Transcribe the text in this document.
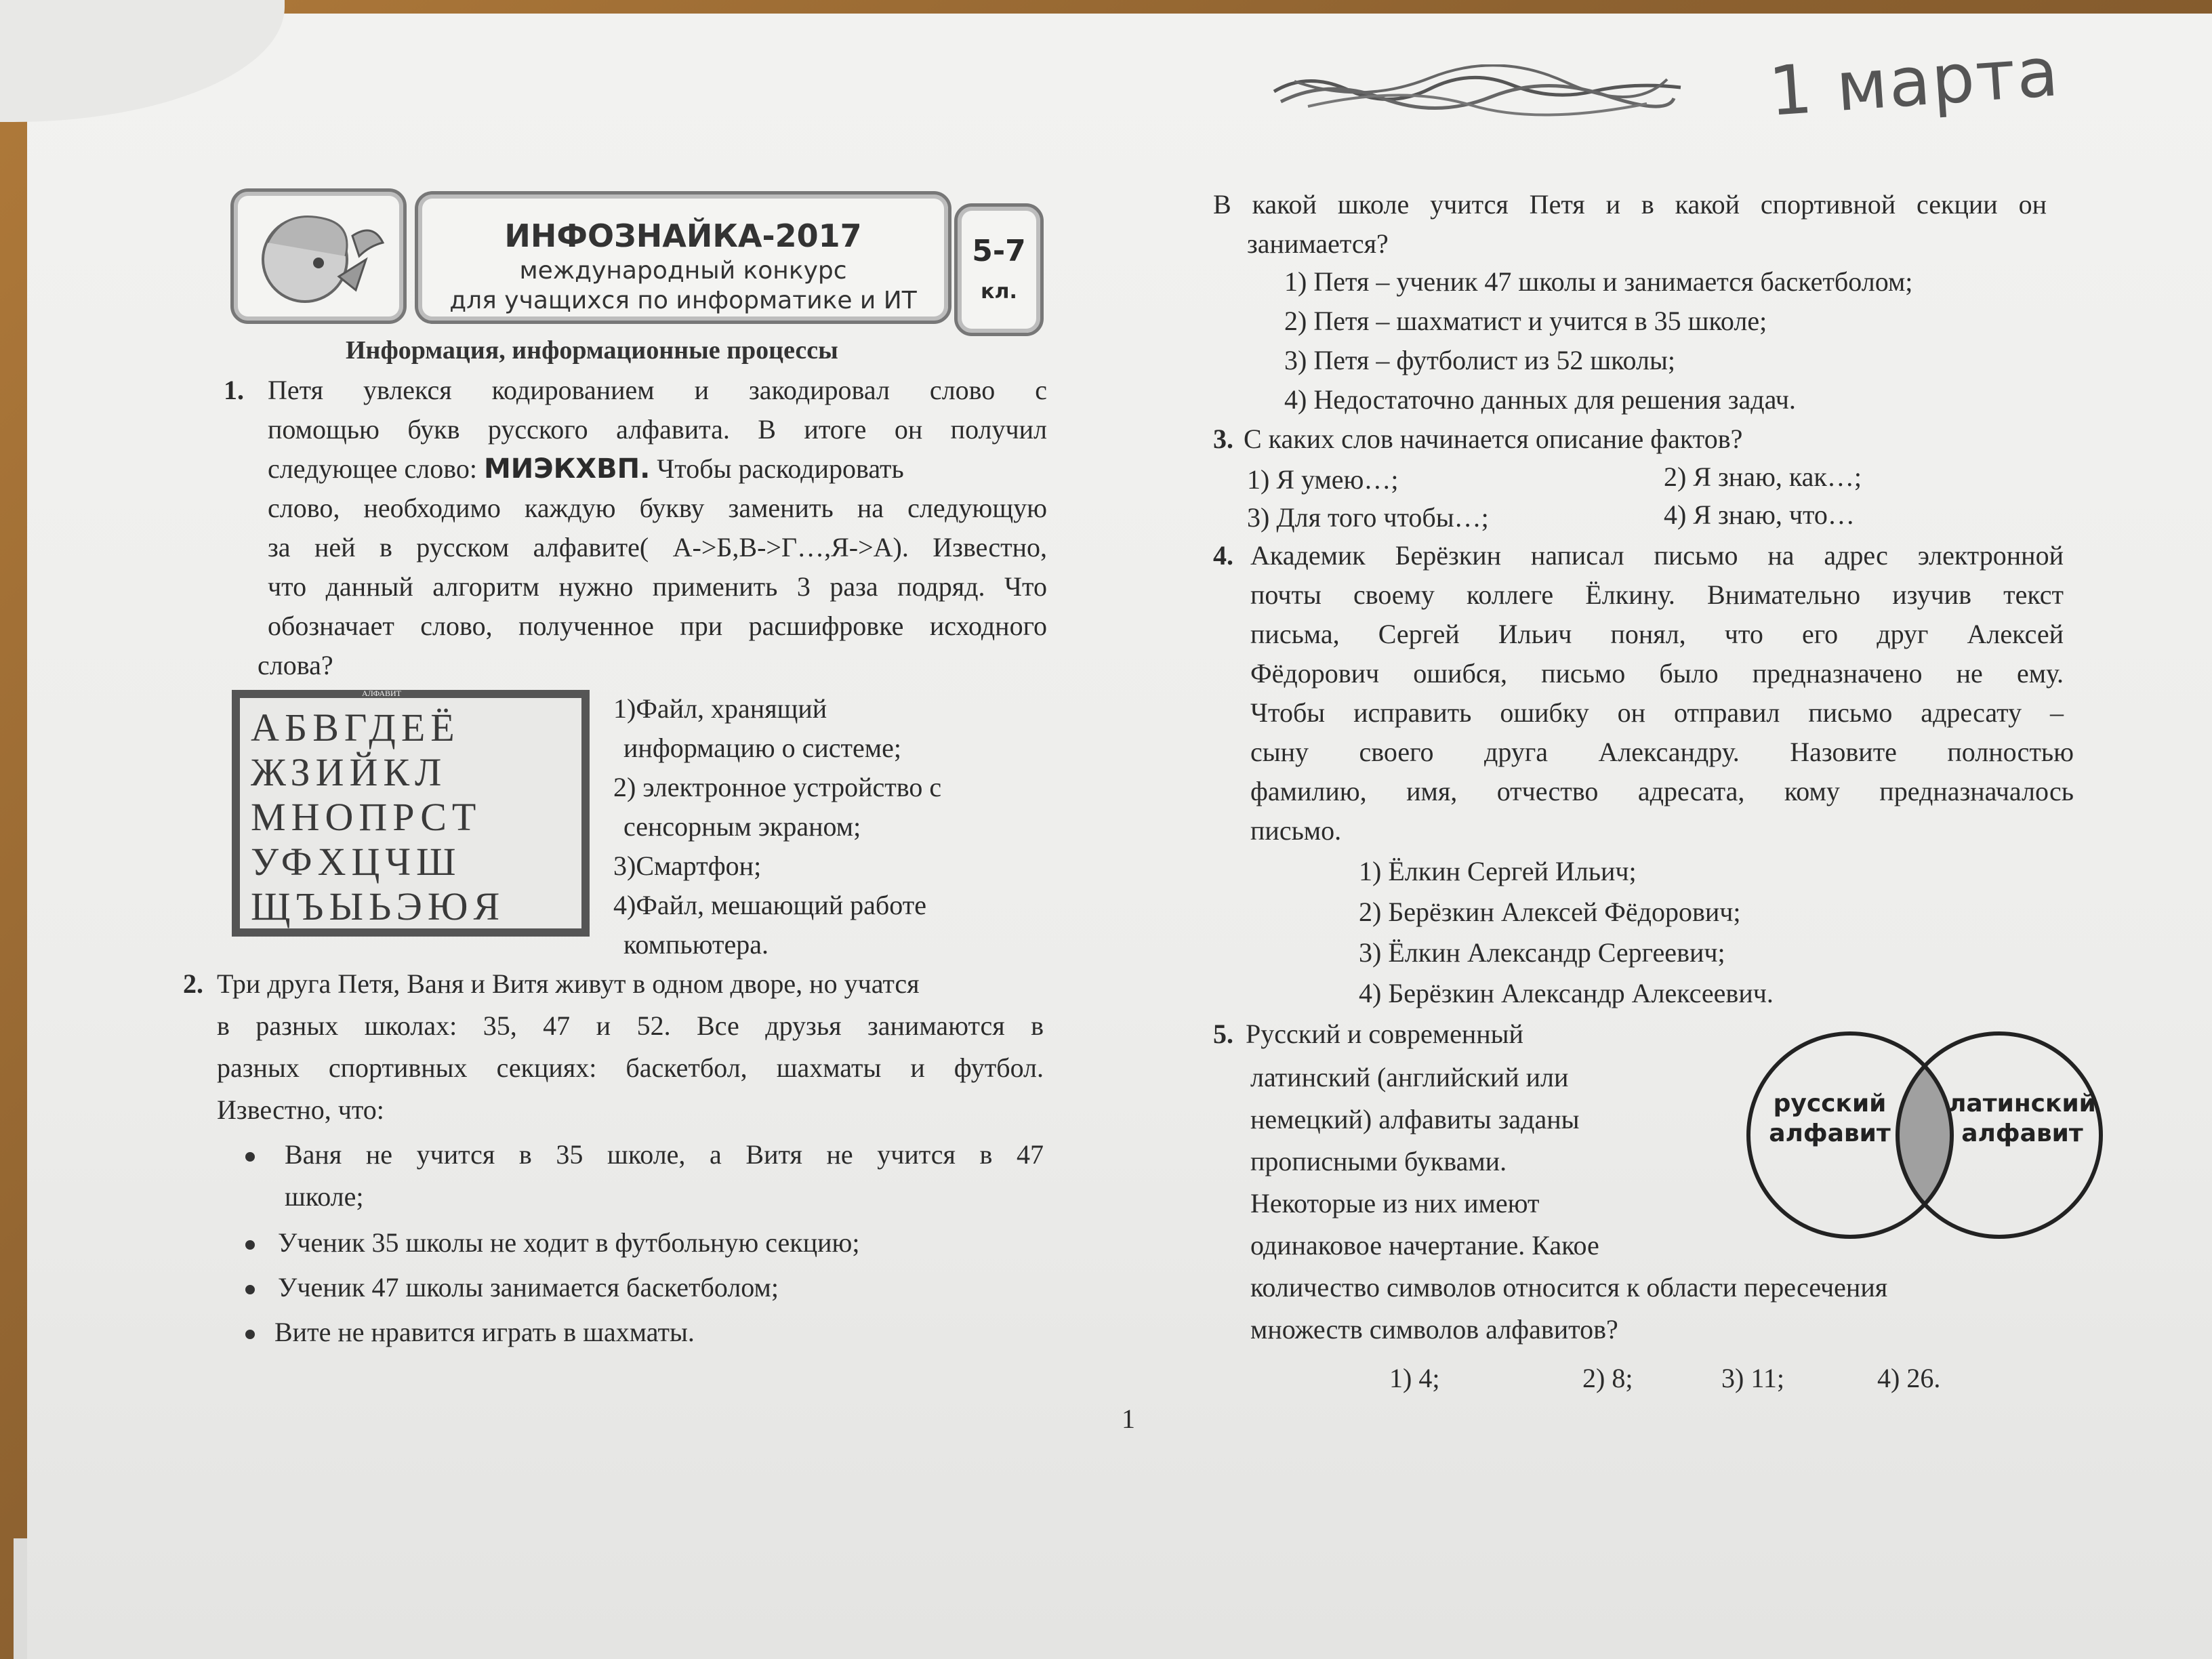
1 марта
ИНФОЗНАЙКА-2017
международный конкурс
для учащихся по информатике и ИТ
5-7
кл.
Информация, информационные процессы
1. Петя увлекся кодированием и закодировал слово с
помощью букв русского алфавита. В итоге он получил
следующее слово: МИЭКХВП. Чтобы раскодировать
слово, необходимо каждую букву заменить на следующую
за ней в русском алфавите( А->Б,В->Г…,Я->А). Известно,
что данный алгоритм нужно применить 3 раза подряд. Что
обозначает слово, полученное при расшифровке исходного
слова?
АЛФАВИТ
АБВГДЕЁ
ЖЗИЙКЛ
МНОПРСТ
УФХЦЧШ
ЩЪЫЬЭЮЯ
1)Файл, хранящий
информацию о системе;
2) электронное устройство с
сенсорным экраном;
3)Смартфон;
4)Файл, мешающий работе
компьютера.
2. Три друга Петя, Ваня и Витя живут в одном дворе, но учатся
в разных школах: 35, 47 и 52. Все друзья занимаются в
разных спортивных секциях: баскетбол, шахматы и футбол.
Известно, что:
Ваня не учится в 35 школе, а Витя не учится в 47
школе;
Ученик 35 школы не ходит в футбольную секцию;
Ученик 47 школы занимается баскетболом;
Вите не нравится играть в шахматы.
В какой школе учится Петя и в какой спортивной секции он
занимается?
1) Петя – ученик 47 школы и занимается баскетболом;
2) Петя – шахматист и учится в 35 школе;
3) Петя – футболист из 52 школы;
4) Недостаточно данных для решения задач.
3. С каких слов начинается описание фактов?
1) Я умею…;	2) Я знаю, как…;
3) Для того чтобы…;	4) Я знаю, что…
4. Академик Берёзкин написал письмо на адрес электронной
почты своему коллеге Ёлкину. Внимательно изучив текст
письма, Сергей Ильич понял, что его друг Алексей
Фёдорович ошибся, письмо было предназначено не ему.
Чтобы исправить ошибку он отправил письмо адресату –
сыну своего друга Александру. Назовите полностью
фамилию, имя, отчество адресата, кому предназначалось
письмо.
1) Ёлкин Сергей Ильич;
2) Берёзкин Алексей Фёдорович;
3) Ёлкин Александр Сергеевич;
4) Берёзкин Александр Алексеевич.
5. Русский и современный
латинский (английский или
немецкий) алфавиты заданы
прописными буквами.
Некоторые из них имеют
одинаковое начертание. Какое
количество символов относится к области пересечения
множеств символов алфавитов?
русский
алфавит
латинский
алфавит
1) 4;	2) 8;	3) 11;	4) 26.
1
